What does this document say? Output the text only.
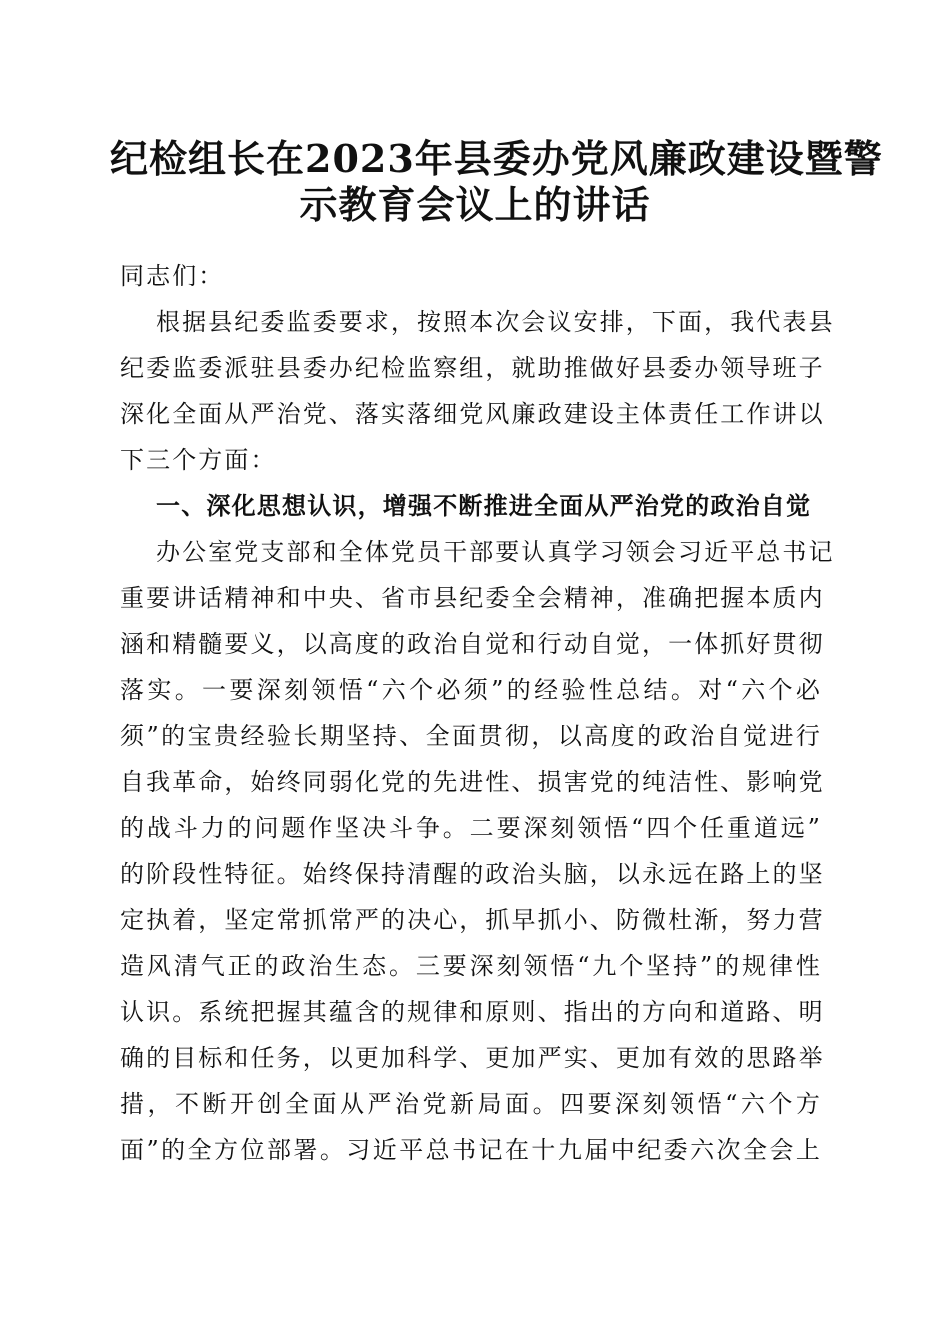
纪检组长在2023年县委办党风廉政建设暨警
示教育会议上的讲话

同志们：

根据县纪委监委要求，按照本次会议安排，下面，我代表县
纪委监委派驻县委办纪检监察组，就助推做好县委办领导班子
深化全面从严治党、落实落细党风廉政建设主体责任工作讲以
下三个方面：

一、深化思想认识，增强不断推进全面从严治党的政治自觉

办公室党支部和全体党员干部要认真学习领会习近平总书记
重要讲话精神和中央、省市县纪委全会精神，准确把握本质内
涵和精髓要义，以高度的政治自觉和行动自觉，一体抓好贯彻
落实。一要深刻领悟“六个必须”的经验性总结。对“六个必
须”的宝贵经验长期坚持、全面贯彻，以高度的政治自觉进行
自我革命，始终同弱化党的先进性、损害党的纯洁性、影响党
的战斗力的问题作坚决斗争。二要深刻领悟“四个任重道远”
的阶段性特征。始终保持清醒的政治头脑，以永远在路上的坚
定执着，坚定常抓常严的决心，抓早抓小、防微杜渐，努力营
造风清气正的政治生态。三要深刻领悟“九个坚持”的规律性
认识。系统把握其蕴含的规律和原则、指出的方向和道路、明
确的目标和任务，以更加科学、更加严实、更加有效的思路举
措，不断开创全面从严治党新局面。四要深刻领悟“六个方
面”的全方位部署。习近平总书记在十九届中纪委六次全会上
